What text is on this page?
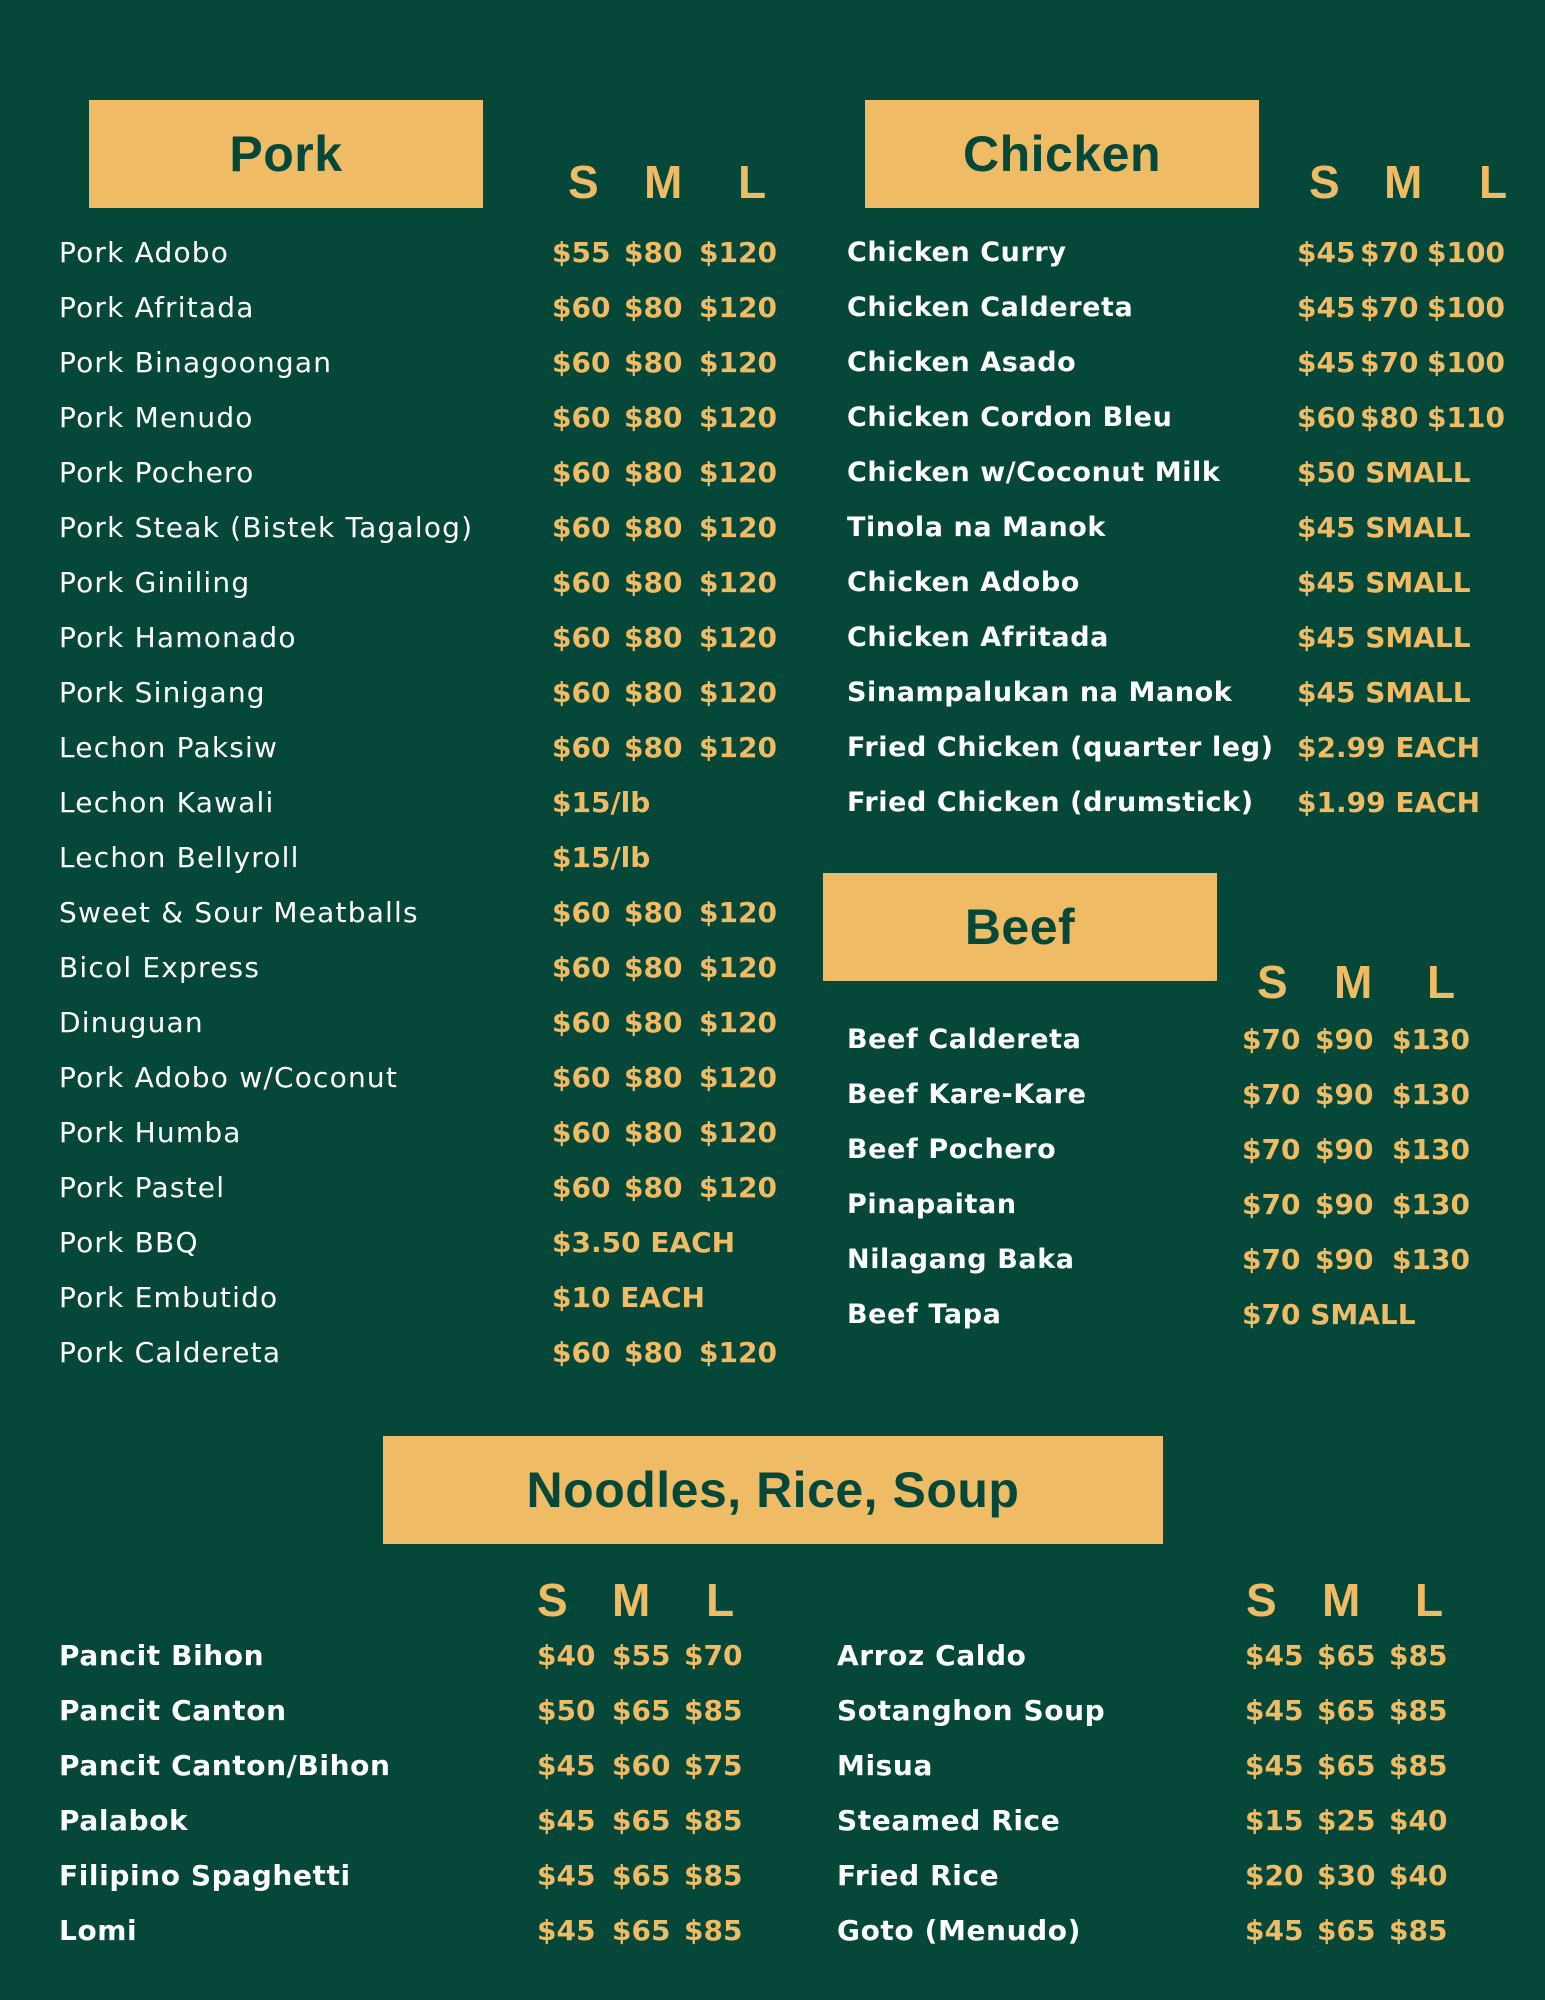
Pork	S M L
Pork Adobo	$55 $80 $120
Pork Afritada	$60 $80 $120
Pork Binagoongan	$60 $80 $120
Pork Menudo	$60 $80 $120
Pork Pochero	$60 $80 $120
Pork Steak (Bistek Tagalog)	$60 $80 $120
Pork Giniling	$60 $80 $120
Pork Hamonado	$60 $80 $120
Pork Sinigang	$60 $80 $120
Lechon Paksiw	$60 $80 $120
Lechon Kawali	$15/lb
Lechon Bellyroll	$15/lb
Sweet & Sour Meatballs	$60 $80 $120
Bicol Express	$60 $80 $120
Dinuguan	$60 $80 $120
Pork Adobo w/Coconut	$60 $80 $120
Pork Humba	$60 $80 $120
Pork Pastel	$60 $80 $120
Pork BBQ	$3.50 EACH
Pork Embutido	$10 EACH
Pork Caldereta	$60 $80 $120
Chicken	S M L
Chicken Curry	$45 $70 $100
Chicken Caldereta	$45 $70 $100
Chicken Asado	$45 $70 $100
Chicken Cordon Bleu	$60 $80 $110
Chicken w/Coconut Milk	$50 SMALL
Tinola na Manok	$45 SMALL
Chicken Adobo	$45 SMALL
Chicken Afritada	$45 SMALL
Sinampalukan na Manok $45 SMALL
Fried Chicken (quarter leg) $2.99 EACH
Fried Chicken (drumstick) $1.99 EACH
Beef
S M L
Beef Caldereta	$70 $90 $130
Beef Kare-Kare	$70 $90 $130
Beef Pochero	$70 $90 $130
Pinapaitan	$70 $90 $130
Nilagang Baka	$70 $90 $130
Beef Tapa	$70 SMALL
Noodles, Rice, Soup
S M L	S M L
Pancit Bihon	$40 $55 $70
Pancit Canton	$50 $65 $85
Pancit Canton/Bihon	$45 $60 $75
Palabok	$45 $65 $85
Filipino Spaghetti	$45 $65 $85
Lomi	$45 $65 $85
Arroz Caldo	$45 $65 $85
Sotanghon Soup	$45 $65 $85
Misua	$45 $65 $85
Steamed Rice	$15 $25 $40
Fried Rice	$20 $30 $40
Goto (Menudo)	$45 $65 $85
